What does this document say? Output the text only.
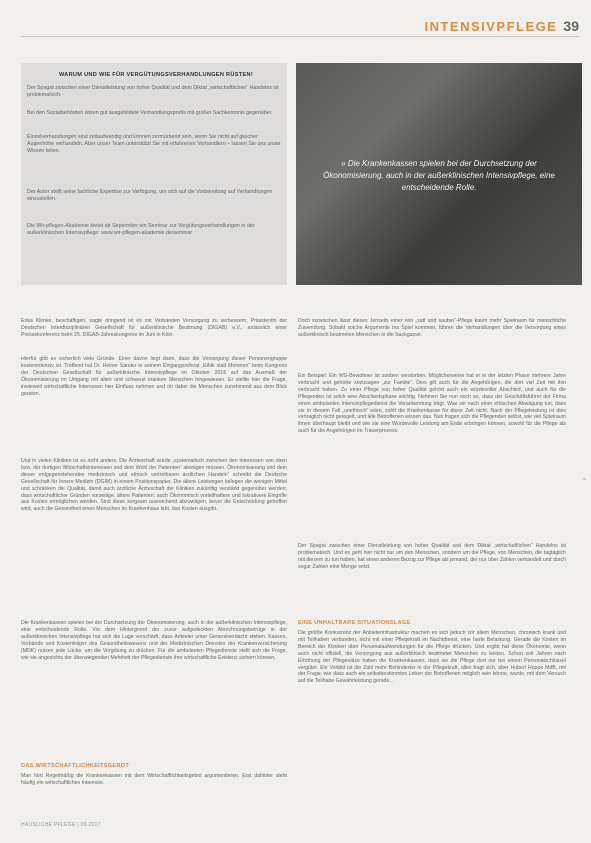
INTENSIVPFLEGE 39
WARUM UND WIE FÜR VERGÜTUNGSVERHANDLUNGEN RÜSTEN!
Der Spagat zwischen einer Dienstleistung von hoher Qualität und dem Diktat „wirtschaftlichen“ Handelns ist problematisch.
Bei den Sozialbehörden sitzen gut ausgebildete Verhandlungsprofis mit großer Sachkenntnis gegenüber.
Einzelverhandlungen sind zeitaufwendig und können zermürbend sein, wenn Sie nicht auf gleicher Augenhöhe verhandeln. Aber unser Team unterstützt Sie mit erfahrenen Verhandlern – lassen Sie uns unser Wissen teilen.
Der Autor stellt seine fachliche Expertise zur Verfügung, um sich auf die Vorbereitung auf Verhandlungen einzustellen.
Die Wir-pflegen-Akademie bietet ab September ein Seminar zur Vergütungsverhandlungen in der außerklinischen Intensivpflege: www.wir-pflegen-akademie.de/seminar
» Die Krankenkassen spielen bei der Durchsetzung der Ökonomisierung, auch in der außerklinischen Intensivpflege, eine entscheidende Rolle.
Erika Klimke, beschäftigen, sagte dringend ist es mit Verbänden Versorgung zu verbessern, Präsidentin der Deutschen Interdisziplinären Gesellschaft für außerklinische Beatmung (DIGAB) e.V., anlässlich einer Pressekonferenz beim 25. DIGAB-Jahreskongress im Juni in Köln.
Hierfür gibt es sicherlich viele Gründe. Einer davon liegt darin, dass die Versorgung dieser Personengruppe kostenintensiv ist. Treffend hat Dr. Heiner Sander in seinem Eingangsreferat „Ethik statt Moneten“ beim Kongress der Deutschen Gesellschaft für außerklinische Intensivpflege im Oktober 2016 auf das Ausmaß der Ökonomisierung im Umgang mit alten und schwerst kranken Menschen hingewiesen. Er stellte hier die Frage, inwieweit wirtschaftliche Interessen hier Einfluss nehmen und ob dabei die Menschen zunehmend aus dem Blick geraten.
Und in vielen Kliniken ist es nicht anders. Die Ärzteschaft würde „systematisch zwischen den Interessen von oben bzw. der dortigen Wirtschaftsinteressen und dem Wohl der Patienten“ abwägen müssen. Ökonomisierung und dem dieser entgegenstehenden medizinisch und ethisch vertretbaren ärztlichen Handeln“ schreibt die Deutsche Gesellschaft für Innere Medizin (DGIM) in einem Positionspapier. Die ältere Leistungen belegen die wenigen Mittel und schränken die Qualität, damit auch ärztliche Ärzteschaft der Kliniken zukünftig verstärkt gegenüber werden, dass wirtschaftlicher Gründen vorzeitige, ältere Patienten; auch Ökonomisch vorteilhaftere und lukrativere Eingriffe aus Kosten ermöglichen werden. Sind diese sorgsam ausreichend abzuwägen, bevor die Entscheidung getroffen wird, auch die Gesundheit eines Menschen im Krankenhaus lebt, das Kosten ausgibt.
Die Krankenkassen spielen bei der Durchsetzung der Ökonomisierung, auch in der außerklinischen Intensivpflege, eine entscheidende Rolle. Vor dem Hintergrund der zuvor aufgedeckten Abrechnungsbetrüge in der außerklinischen Intensivpflege hat sich die Lage verschärft, dass Anbieter unter Generalverdacht stehen. Kassen, Verbände und Kostenträger des Gesundheitswesens und der Medizinischen Dienstes der Krankenversicherung (MDK) nutzen jede Lücke, um die Vergütung zu drücken. Für die ambulanten Pflegedienste stellt sich die Frage, wie sie angesichts der überwiegenden Mehrheit der Pflegedienste ihre wirtschaftliche Existenz sichern können.
DAS WIRTSCHAFTLICHKEITSGEBOT
Man hört Regelmäßig die Krankenkassen mit dem Wirtschaftlichkeitsgebot argumentieren. Erst dahinter steht häufig ein wirtschaftliches Interesse.
Doch inzwischen lässt dieses Jenseits einer rein „satt und sauber“-Pflege kaum mehr Spielraum für menschliche Zuwendung. Sobald solche Argumente ins Spiel kommen, führen die Verhandlungen über die Versorgung eines außerklinisch beatmeten Menschen in die Sackgasse.
Ein Beispiel: Ein WG-Bewohner ist soeben verstorben. Möglicherweise hat er in der letzten Phase mehrere Jahre verbracht und gehörte sozusagen „zur Familie“. Dies gilt auch für die Angehörigen, die dort viel Zeit mit ihm verbracht haben. Zu einer Pflege von hoher Qualität gehört auch ein würdevoller Abschied, und auch für die Pflegenden ist solch eine Abschiedsphase wichtig. Nehmen Sie nun noch an, dass der Geschäftsführer der Firma einen ambulanten Intensivpflegedienst die Verantwortung trägt. Was sie nach einer ethischen Abwägung tun, dass sie in diesem Fall „unethisch“ wäre, zahlt die Krankenkasse für diese Zeit nicht. Nach der Pflegeleistung ist dies vertraglich nicht geregelt, und alle Betroffenen wissen das. Nun fragen sich die Pflegenden selbst, wie viel Spielraum ihnen überhaupt bleibt und wie sie eine Würdevolle Leistung am Ende erbringen können, sowohl für die Pflege als auch für die Angehörigen im Trauerprozess.
Der Spagat zwischen einer Dienstleistung von hoher Qualität und dem Diktat „wirtschaftlichen“ Handelns ist problematisch. Und es geht hier nicht nur um den Menschen, sondern um die Pflege, von Menschen, die tagtäglich mit diesem zu tun haben, hat einen anderen Bezug zur Pflege als jemand, der nur über Zahlen verhandelt und durch sogar Zahlen eine Menge setzt.
EINE UNHALTBARE SITUATIONSLAGE
Die größte Konkurrenz der Anbieterinfrastruktur machen es sich jedoch vor allem Menschen, chronisch krank und mit Teilhaben verbunden, nicht mit einer Pflegekraft im Nachtdienst, eine harte Belastung. Gerade die Kosten im Bereich der Kliniken über Personalaufwendungen für die Pflege drücken. Und ergibt hat diese Ökonomie, wenn auch nicht offiziell, die Versorgung aus außerklinisch beatmeter Menschen zu leisten. Schon seit Jahren nach Erhöhung der Pflegesätze haben die Krankenkassen, dass sie die Pflege dort nur bei einem Personalschlüssel vergütet. Ein Vorbild ist die Zahl mehr Behinderter in der Pflegekraft, alles fragt sich, aber Hubert Hüppe MdB, mit der Frage, wie dass auch ein selbstbestimmtes Leben der Betroffenen möglich sein könne, wurde, mit dem Versuch auf die Teilhabe Gewährleistung gerade...
HÄUSLICHE PFLEGE | 09.2017
